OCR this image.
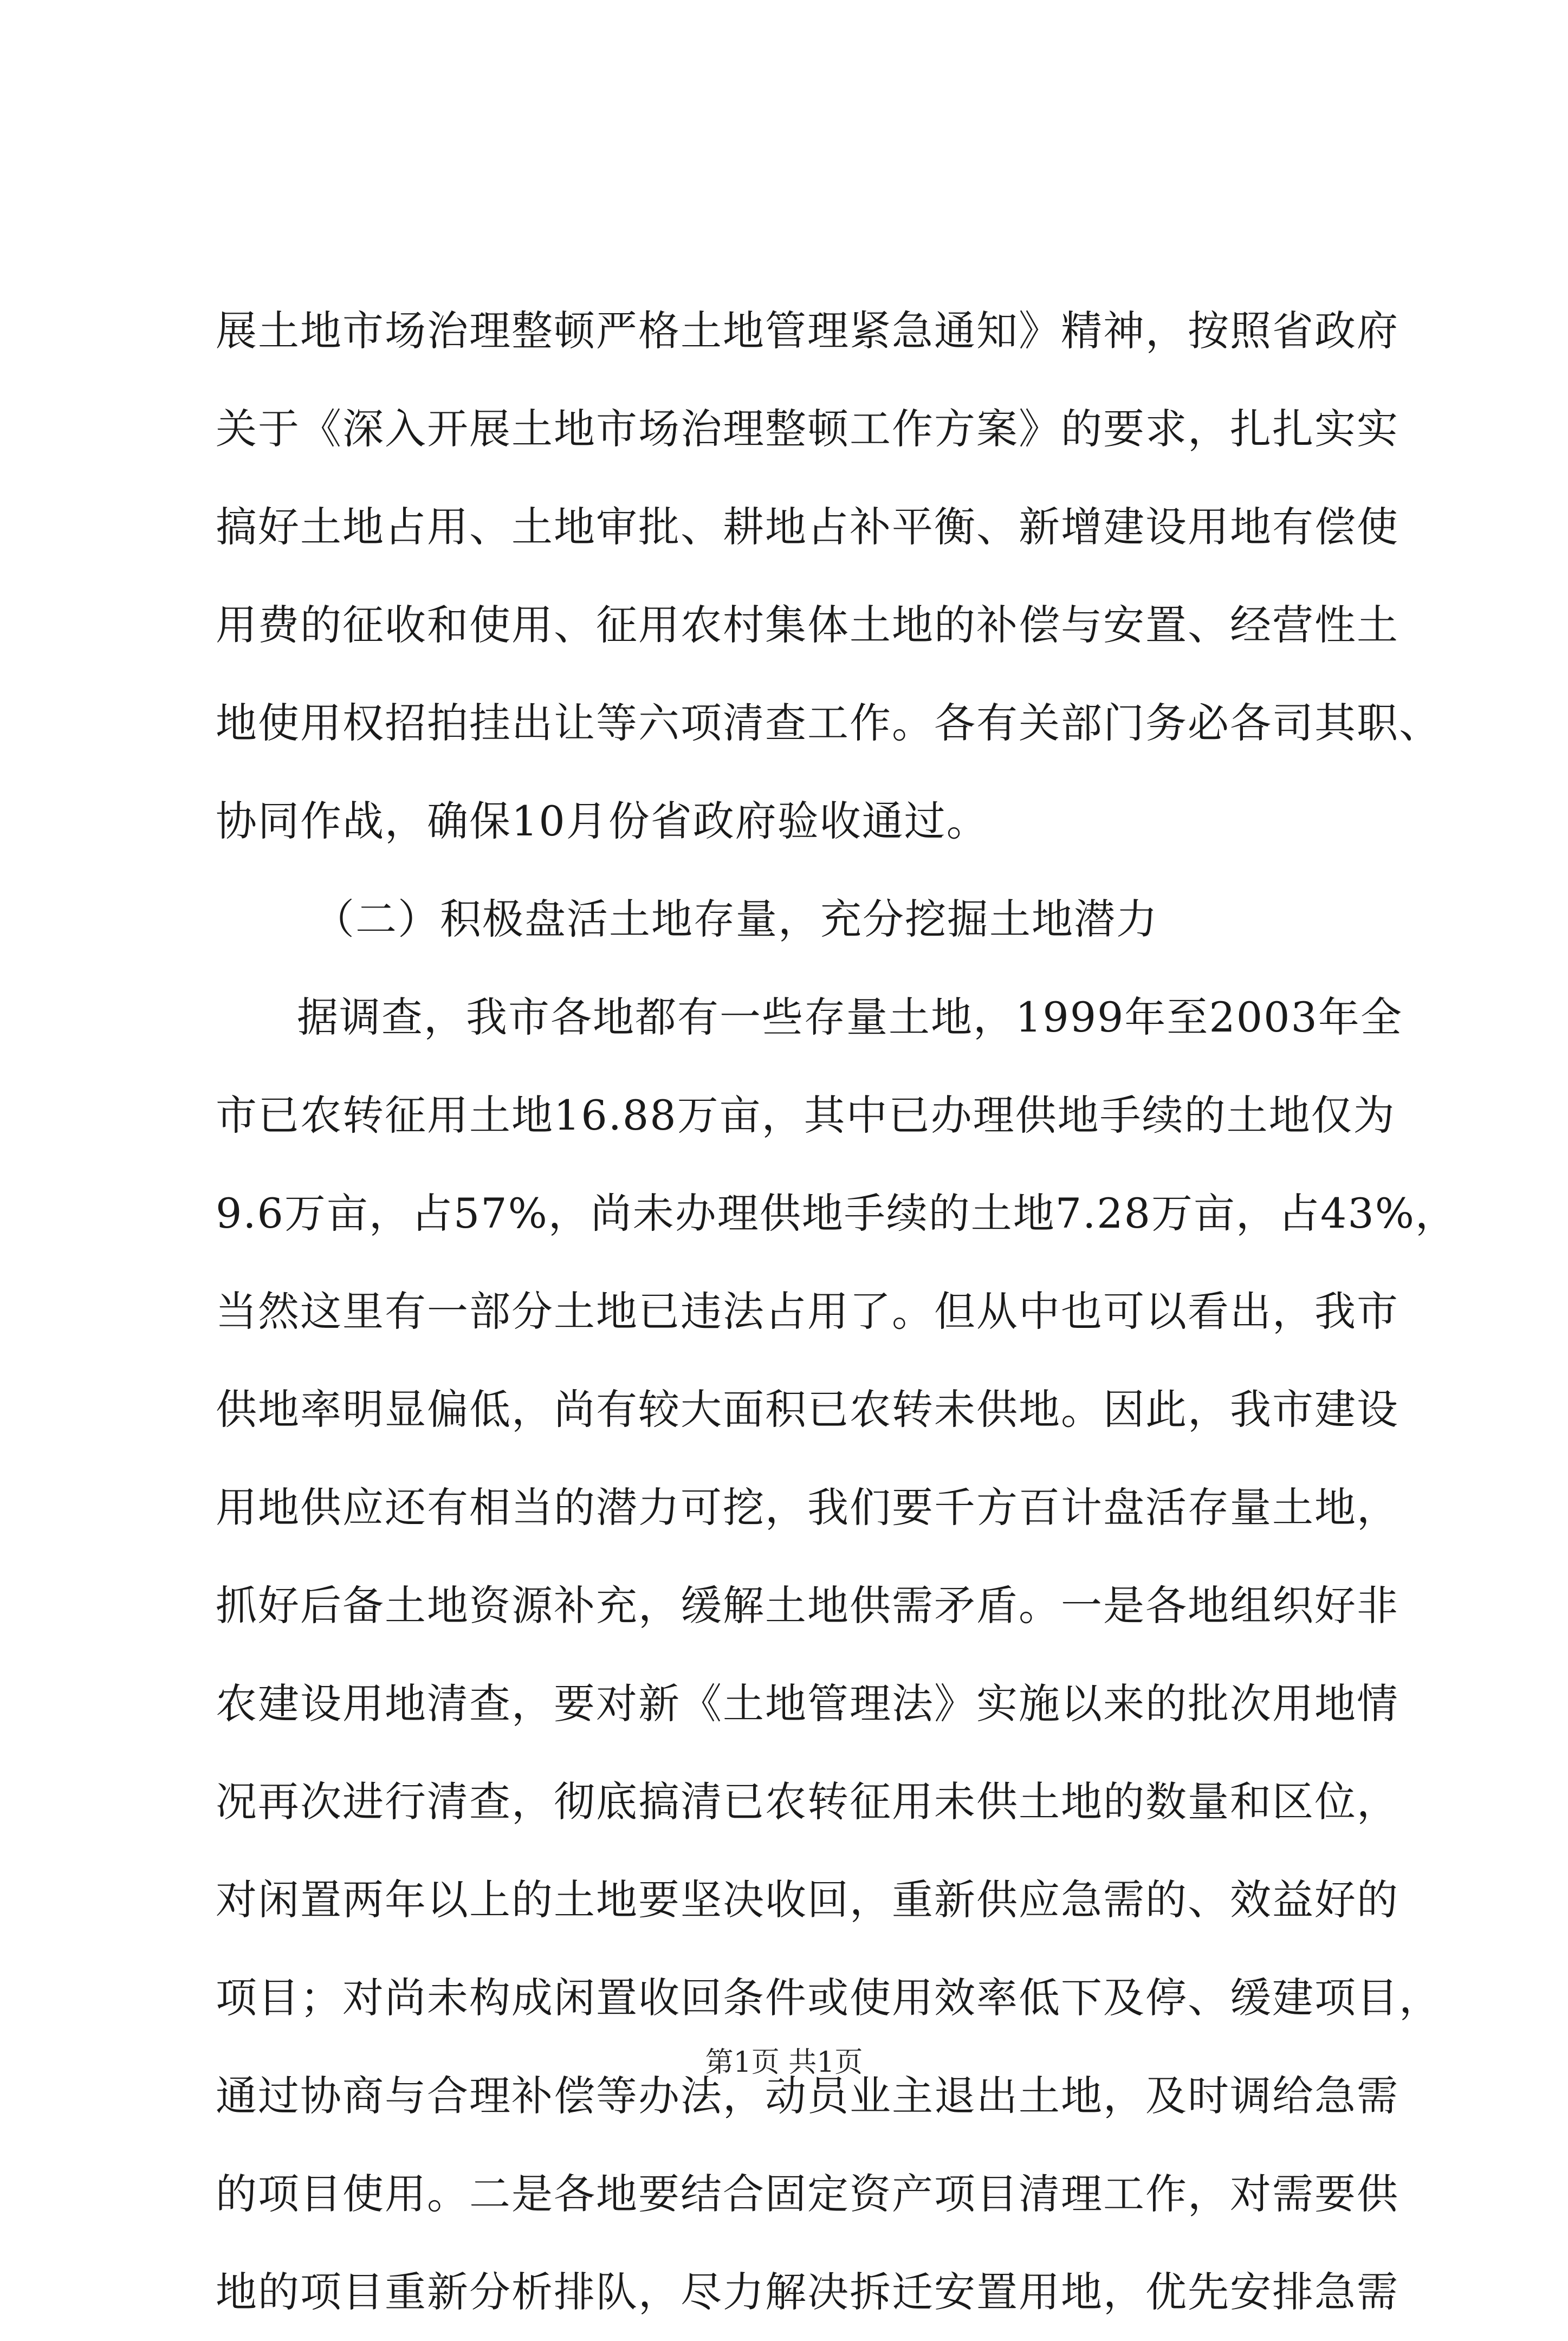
展土地市场治理整顿严格土地管理紧急通知》精神，按照省政府
关于《深入开展土地市场治理整顿工作方案》的要求，扎扎实实
搞好土地占用、土地审批、耕地占补平衡、新增建设用地有偿使
用费的征收和使用、征用农村集体土地的补偿与安置、经营性土
地使用权招拍挂出让等六项清查工作。各有关部门务必各司其职、
协同作战，确保10月份省政府验收通过。
（二）积极盘活土地存量，充分挖掘土地潜力
据调查，我市各地都有一些存量土地，1999年至2003年全
市已农转征用土地16.88万亩，其中已办理供地手续的土地仅为
9.6万亩，占57%，尚未办理供地手续的土地7.28万亩，占43%，
当然这里有一部分土地已违法占用了。但从中也可以看出，我市
供地率明显偏低，尚有较大面积已农转未供地。因此，我市建设
用地供应还有相当的潜力可挖，我们要千方百计盘活存量土地，
抓好后备土地资源补充，缓解土地供需矛盾。一是各地组织好非
农建设用地清查，要对新《土地管理法》实施以来的批次用地情
况再次进行清查，彻底搞清已农转征用未供土地的数量和区位，
对闲置两年以上的土地要坚决收回，重新供应急需的、效益好的
项目；对尚未构成闲置收回条件或使用效率低下及停、缓建项目，
通过协商与合理补偿等办法，动员业主退出土地，及时调给急需
的项目使用。二是各地要结合固定资产项目清理工作，对需要供
地的项目重新分析排队，尽力解决拆迁安置用地，优先安排急需
第1页 共1页
